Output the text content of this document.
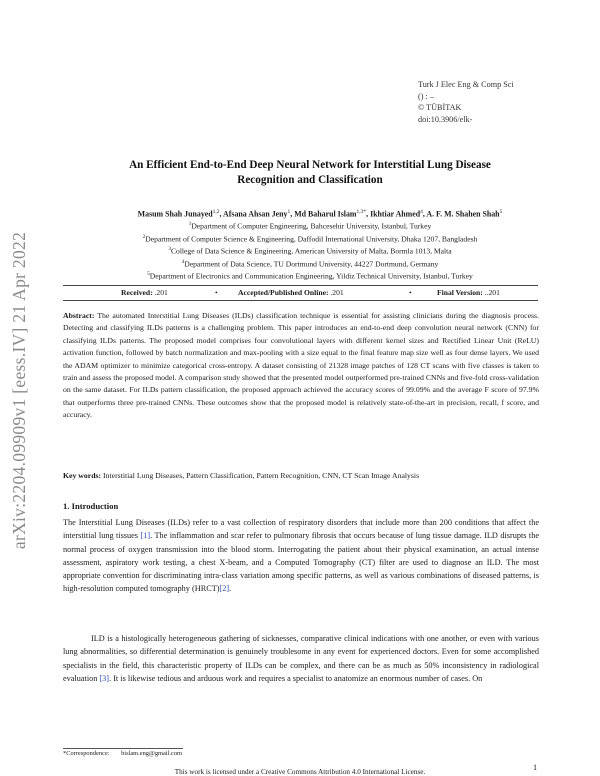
arXiv:2204.09909v1 [eess.IV] 21 Apr 2022
Turk J Elec Eng & Comp Sci
() : –
© TÜBİTAK
doi:10.3906/elk-
An Efficient End-to-End Deep Neural Network for Interstitial Lung Disease
Recognition and Classification
Masum Shah Junayed$^{1,2}$, Afsana Ahsan Jeny$^1$, Md Baharul Islam$^{1,3*}$, Ikhtiar Ahmed$^4$, A. F. M. Shahen Shah$^5$
$^1$Department of Computer Engineering, Bahcesehir University, Istanbul, Turkey
$^2$Department of Computer Science & Engineering, Daffodil International University, Dhaka 1207, Bangladesh
$^3$College of Data Science & Engineering, American University of Malta, Bormla 1013, Malta
$^4$Department of Data Science, TU Dortmund University, 44227 Dortmund, Germany
$^5$Department of Electronics and Communication Engineering, Yildiz Technical University, Istanbul, Turkey
Received: .201	•	Accepted/Published Online: .201	•	Final Version: ..201
Abstract: The automated Interstitial Lung Diseases (ILDs) classification technique is essential for assisting clinicians during the diagnosis process. Detecting and classifying ILDs patterns is a challenging problem. This paper introduces an end-to-end deep convolution neural network (CNN) for classifying ILDs patterns. The proposed model comprises four convolutional layers with different kernel sizes and Rectified Linear Unit (ReLU) activation function, followed by batch normalization and max-pooling with a size equal to the final feature map size well as four dense layers. We used the ADAM optimizer to minimize categorical cross-entropy. A dataset consisting of 21328 image patches of 128 CT scans with five classes is taken to train and assess the proposed model. A comparison study showed that the presented model outperformed pre-trained CNNs and five-fold cross-validation on the same dataset. For ILDs pattern classification, the proposed approach achieved the accuracy scores of 99.09% and the average F score of 97.9% that outperforms three pre-trained CNNs. These outcomes show that the proposed model is relatively state-of-the-art in precision, recall, f score, and accuracy.
Key words: Interstitial Lung Diseases, Pattern Classification, Pattern Recognition, CNN, CT Scan Image Analysis
1. Introduction
The Interstitial Lung Diseases (ILDs) refer to a vast collection of respiratory disorders that include more than 200 conditions that affect the interstitial lung tissues [1]. The inflammation and scar refer to pulmonary fibrosis that occurs because of lung tissue damage. ILD disrupts the normal process of oxygen transmission into the blood storm. Interrogating the patient about their physical examination, an actual intense assessment, aspiratory work testing, a chest X-beam, and a Computed Tomography (CT) filter are used to diagnose an ILD. The most appropriate convention for discriminating intra-class variation among specific patterns, as well as various combinations of diseased patterns, is high-resolution computed tomography (HRCT)[2].
ILD is a histologically heterogeneous gathering of sicknesses, comparative clinical indications with one another, or even with various lung abnormalities, so differential determination is genuinely troublesome in any event for experienced doctors. Even for some accomplished specialists in the field, this characteristic property of ILDs can be complex, and there can be as much as 50% inconsistency in radiological evaluation [3]. It is likewise tedious and arduous work and requires a specialist to anatomize an enormous number of cases. On
*Correspondence: bislam.eng@gmail.com
1
This work is licensed under a Creative Commons Attribution 4.0 International License.
